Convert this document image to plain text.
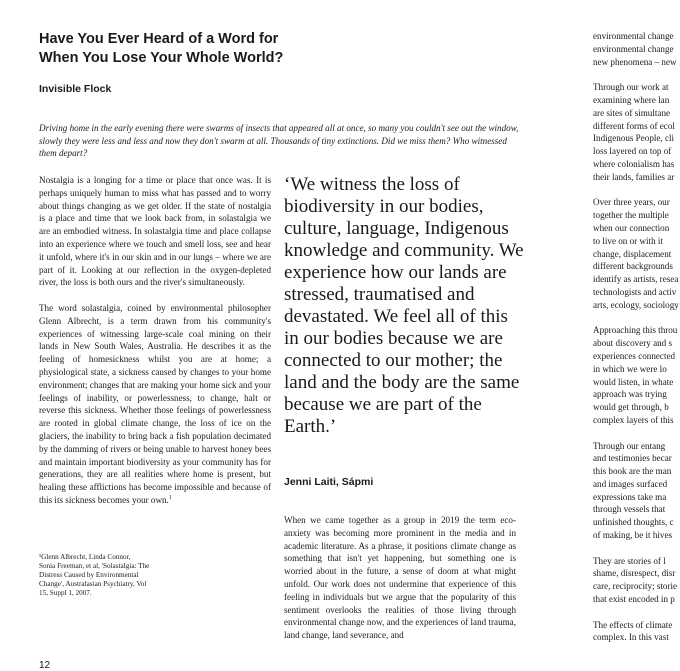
Have You Ever Heard of a Word for
When You Lose Your Whole World?
Invisible Flock
Driving home in the early evening there were swarms of insects that appeared all at once, so many you couldn't see out the window, slowly they were less and less and now they don't swarm at all. Thousands of tiny extinctions. Did we miss them? Who witnessed them depart?

Nostalgia is a longing for a time or place that once was. It is perhaps uniquely human to miss what has passed and to worry about things changing as we get older. If the state of nostalgia is a place and time that we look back from, in solastalgia we are an embodied witness. In solastalgia time and place collapse into an experience where we touch and smell loss, see and hear it unfold, where it's in our skin and in our lungs – where we are part of it. Looking at our reflection in the oxygen-depleted river, the loss is both ours and the river's simultaneously.

The word solastalgia, coined by environmental philosopher Glenn Albrecht, is a term drawn from his community's experiences of witnessing large-scale coal mining on their lands in New South Wales, Australia. He describes it as the feeling of homesickness whilst you are at home; a physiological state, a sickness caused by changes to your home environment; changes that are making your home sick and your feelings of inability, or powerlessness, to change, halt or reverse this sickness. Whether those feelings of powerlessness are rooted in global climate change, the loss of ice on the glaciers, the inability to bring back a fish population decimated by the damming of rivers or being unable to harvest honey bees and maintain important biodiversity as your community has for generations, they are all realities where home is present, but healing these afflictions has become impossible and because of this its sickness becomes your own.$^1$

¹Glenn Albrecht, Linda Connor,
Sonia Freeman, et al, 'Solastalgia: The
Distress Caused by Environmental
Change', Australasian Psychiatry, Vol
15, Suppl 1, 2007.
‘We witness the loss of biodiversity in our bodies, culture, language, Indigenous knowledge and community. We experience how our lands are stressed, traumatised and devastated. We feel all of this in our bodies because we are connected to our mother; the land and the body are the same because we are part of the Earth.’
Jenni Laiti, Sápmi

When we came together as a group in 2019 the term eco-anxiety was becoming more prominent in the media and in academic literature. As a phrase, it positions climate change as something that isn't yet happening, but something one is worried about in the future, a sense of doom at what might unfold. Our work does not undermine that experience of this feeling in individuals but we argue that the popularity of this sentiment overlooks the realities of those living through environmental change now, and the experiences of land trauma, land change, land severance, and

environmental change
environmental change
new phenomena – new

Through our work at
examining where lan
are sites of simultane
different forms of ecol
Indigenous People, cli
loss layered on top of
where colonialism has
their lands, families ar

Over three years, our
together the multiple
when our connection
to live on or with it
change, displacement
different backgrounds
identify as artists, resea
technologists and activ
arts, ecology, sociology

Approaching this throu
about discovery and s
experiences connected
in which we were lo
would listen, in whate
approach was trying
would get through, b
complex layers of this

Through our entang
and testimonies becar
this book are the man
and images surfaced
expressions take ma
through vessels that
unfinished thoughts, c
of making, be it hives

They are stories of l
shame, disrespect, disr
care, reciprocity; storie
that exist encoded in p

The effects of climate
complex. In this vast

12
